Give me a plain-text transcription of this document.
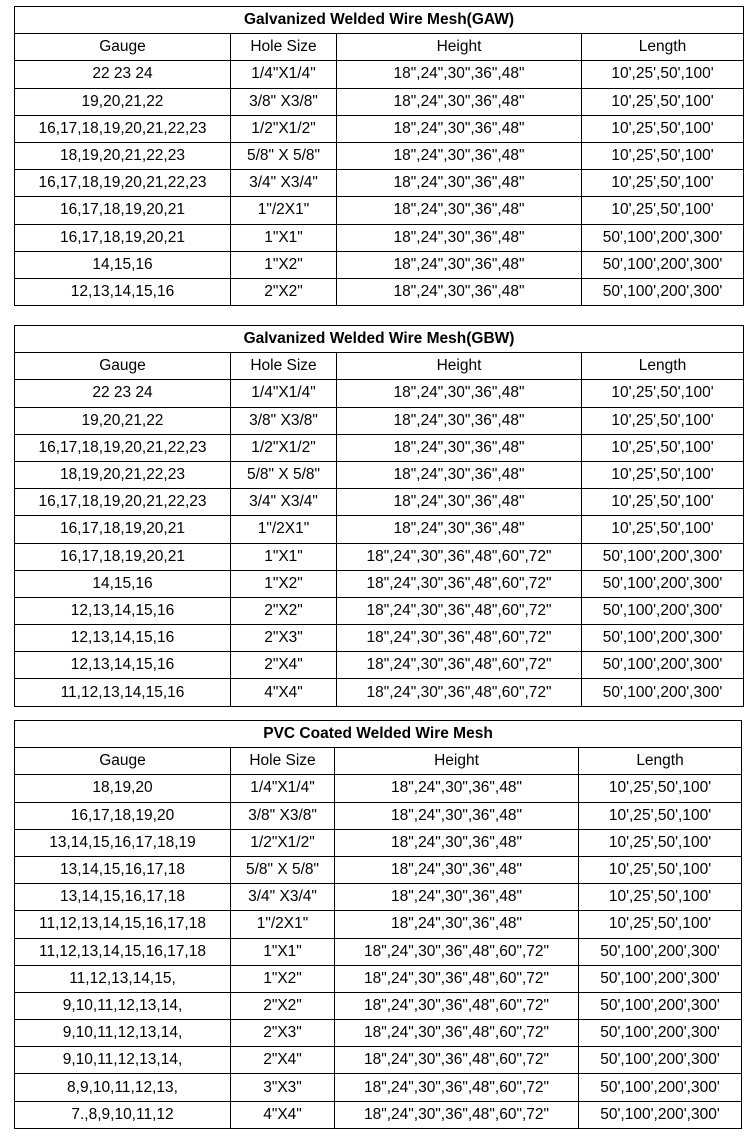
Galvanized Welded Wire Mesh(GAW)			
Gauge	Hole Size	Height	Length
22 23 24	1/4"X1/4"	18",24",30",36",48"	10',25',50',100'
19,20,21,22	3/8" X3/8"	18",24",30",36",48"	10',25',50',100'
16,17,18,19,20,21,22,23	1/2"X1/2"	18",24",30",36",48"	10',25',50',100'
18,19,20,21,22,23	5/8" X 5/8"	18",24",30",36",48"	10',25',50',100'
16,17,18,19,20,21,22,23	3/4" X3/4"	18",24",30",36",48"	10',25',50',100'
16,17,18,19,20,21	1"/2X1"	18",24",30",36",48"	10',25',50',100'
16,17,18,19,20,21	1"X1"	18",24",30",36",48"	50',100',200',300'
14,15,16	1"X2"	18",24",30",36",48"	50',100',200',300'
12,13,14,15,16	2"X2"	18",24",30",36",48"	50',100',200',300'
Galvanized Welded Wire Mesh(GBW)			
Gauge	Hole Size	Height	Length
22 23 24	1/4"X1/4"	18",24",30",36",48"	10',25',50',100'
19,20,21,22	3/8" X3/8"	18",24",30",36",48"	10',25',50',100'
16,17,18,19,20,21,22,23	1/2"X1/2"	18",24",30",36",48"	10',25',50',100'
18,19,20,21,22,23	5/8" X 5/8"	18",24",30",36",48"	10',25',50',100'
16,17,18,19,20,21,22,23	3/4" X3/4"	18",24",30",36",48"	10',25',50',100'
16,17,18,19,20,21	1"/2X1"	18",24",30",36",48"	10',25',50',100'
16,17,18,19,20,21	1"X1"	18",24",30",36",48",60",72"	50',100',200',300'
14,15,16	1"X2"	18",24",30",36",48",60",72"	50',100',200',300'
12,13,14,15,16	2"X2"	18",24",30",36",48",60",72"	50',100',200',300'
12,13,14,15,16	2"X3"	18",24",30",36",48",60",72"	50',100',200',300'
12,13,14,15,16	2"X4"	18",24",30",36",48",60",72"	50',100',200',300'
11,12,13,14,15,16	4"X4"	18",24",30",36",48",60",72"	50',100',200',300'
PVC Coated Welded Wire Mesh			
Gauge	Hole Size	Height	Length
18,19,20	1/4"X1/4"	18",24",30",36",48"	10',25',50',100'
16,17,18,19,20	3/8" X3/8"	18",24",30",36",48"	10',25',50',100'
13,14,15,16,17,18,19	1/2"X1/2"	18",24",30",36",48"	10',25',50',100'
13,14,15,16,17,18	5/8" X 5/8"	18",24",30",36",48"	10',25',50',100'
13,14,15,16,17,18	3/4" X3/4"	18",24",30",36",48"	10',25',50',100'
11,12,13,14,15,16,17,18	1"/2X1"	18",24",30",36",48"	10',25',50',100'
11,12,13,14,15,16,17,18	1"X1"	18",24",30",36",48",60",72"	50',100',200',300'
11,12,13,14,15,	1"X2"	18",24",30",36",48",60",72"	50',100',200',300'
9,10,11,12,13,14,	2"X2"	18",24",30",36",48",60",72"	50',100',200',300'
9,10,11,12,13,14,	2"X3"	18",24",30",36",48",60",72"	50',100',200',300'
9,10,11,12,13,14,	2"X4"	18",24",30",36",48",60",72"	50',100',200',300'
8,9,10,11,12,13,	3"X3"	18",24",30",36",48",60",72"	50',100',200',300'
7.,8,9,10,11,12	4"X4"	18",24",30",36",48",60",72"	50',100',200',300'
